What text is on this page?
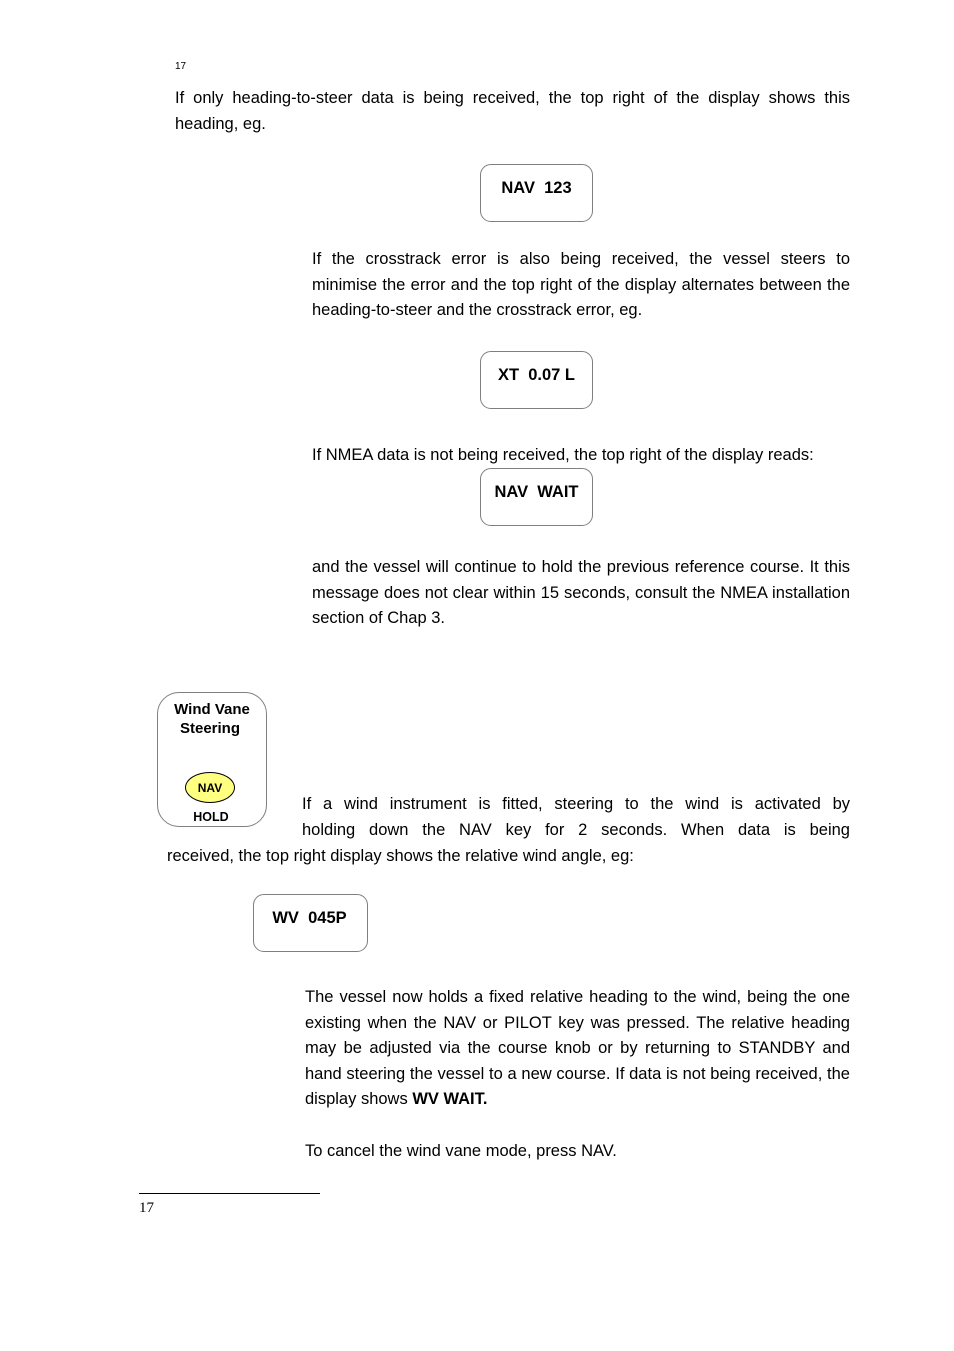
17

If only heading-to-steer data is being received, the top right of the display shows this heading, eg.

NAV  123

If the crosstrack error is also being received, the vessel steers to minimise the error and the top right of the display alternates between the heading-to-steer and the crosstrack error, eg.

XT  0.07 L

If NMEA data is not being received, the top right of the display reads:

NAV  WAIT

and the vessel will continue to hold the previous reference course. It this message does not clear within 15 seconds, consult the NMEA installation section of Chap 3.

Wind Vane
Steering
NAV
HOLD
If a wind instrument is fitted, steering to the wind is activated by
holding down the NAV key for 2 seconds. When data is being
received, the top right display shows the relative wind angle, eg:
WV  045P

The vessel now holds a fixed relative heading to the wind, being the one existing when the NAV or PILOT key was pressed. The relative heading may be adjusted via the course knob or by returning to STANDBY and hand steering the vessel to a new course. If data is not being received, the display shows WV WAIT.

To cancel the wind vane mode, press NAV.

17
